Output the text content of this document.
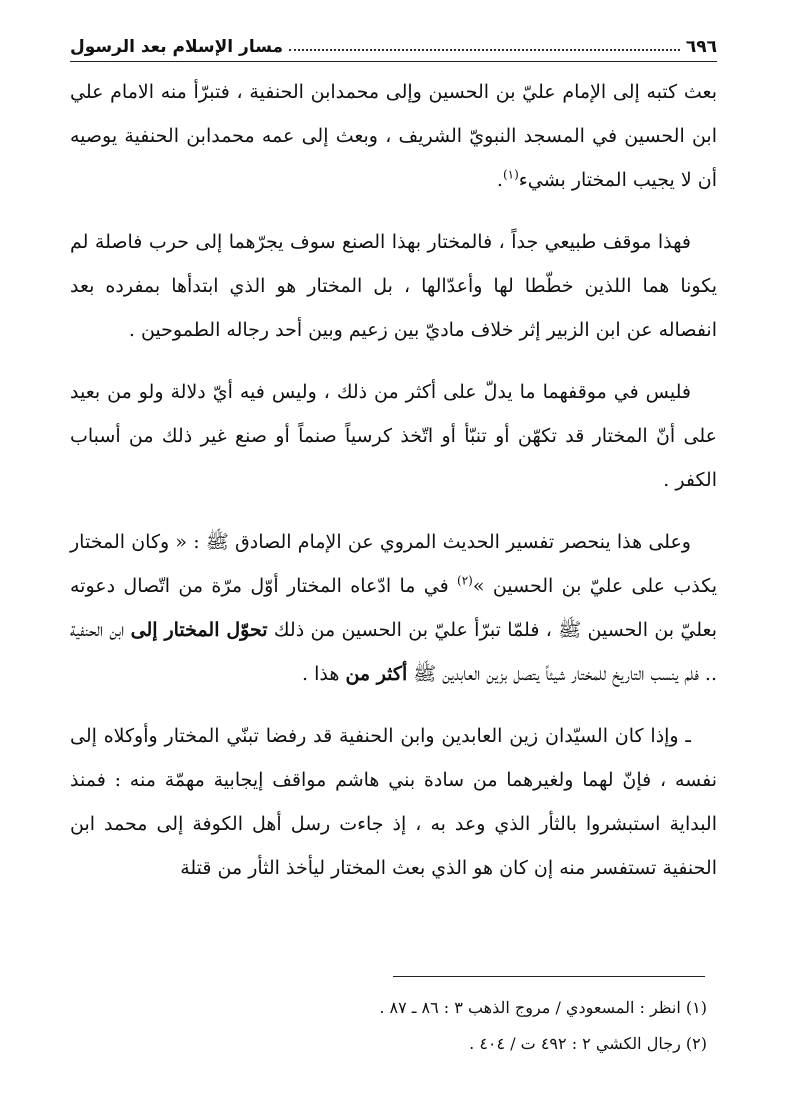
٦٩٦
مسار الإسلام بعد الرسول

بعث كتبه إلى الإمام عليّ بن الحسين وإلى محمدابن الحنفية ، فتبرّأ منه الامام علي ابن الحسين في المسجد النبويّ الشريف ، وبعث إلى عمه محمدابن الحنفية يوصيه أن لا يجيب المختار بشيء$^{(١)}$.

فهذا موقف طبيعي جداً ، فالمختار بهذا الصنع سوف يجرّهما إلى حرب فاصلة لم يكونا هما اللذين خطّطا لها وأعدّالها ، بل المختار هو الذي ابتدأها بمفرده بعد انفصاله عن ابن الزبير إثر خلاف ماديّ بين زعيم وبين أحد رجاله الطموحين .

فليس في موقفهما ما يدلّ على أكثر من ذلك ، وليس فيه أيّ دلالة ولو من بعيد على أنّ المختار قد تكهّن أو تنبّأ أو اتّخذ كرسياً صنماً أو صنع غير ذلك من أسباب الكفر .

وعلى هذا ينحصر تفسير الحديث المروي عن الإمام الصادق ﷺ : « وكان المختار يكذب على عليّ بن الحسين »$^{(٢)}$ في ما ادّعاه المختار أوّل مرّة من اتّصال دعوته بعليّ بن الحسين ﷺ ، فلمّا تبرّأ عليّ بن الحسين من ذلك تحوّل المختار إلى ابن الحنفية .. فلم ينسب التاريخ للمختار شيئاً يتصل بزين العابدين ﷺ أكثر من هذا .

ـ وإذا كان السيّدان زين العابدين وابن الحنفية قد رفضا تبنّي المختار وأوكلاه إلى نفسه ، فإنّ لهما ولغيرهما من سادة بني هاشم مواقف إيجابية مهمّة منه : فمنذ البداية استبشروا بالثأر الذي وعد به ، إذ جاءت رسل أهل الكوفة إلى محمد ابن الحنفية تستفسر منه إن كان هو الذي بعث المختار ليأخذ الثأر من قتلة

(١) انظر : المسعودي / مروج الذهب ٣ : ٨٦ ـ ٨٧ .
(٢) رجال الكشي ٢ : ٤٩٢ ت / ٤٠٤ .
